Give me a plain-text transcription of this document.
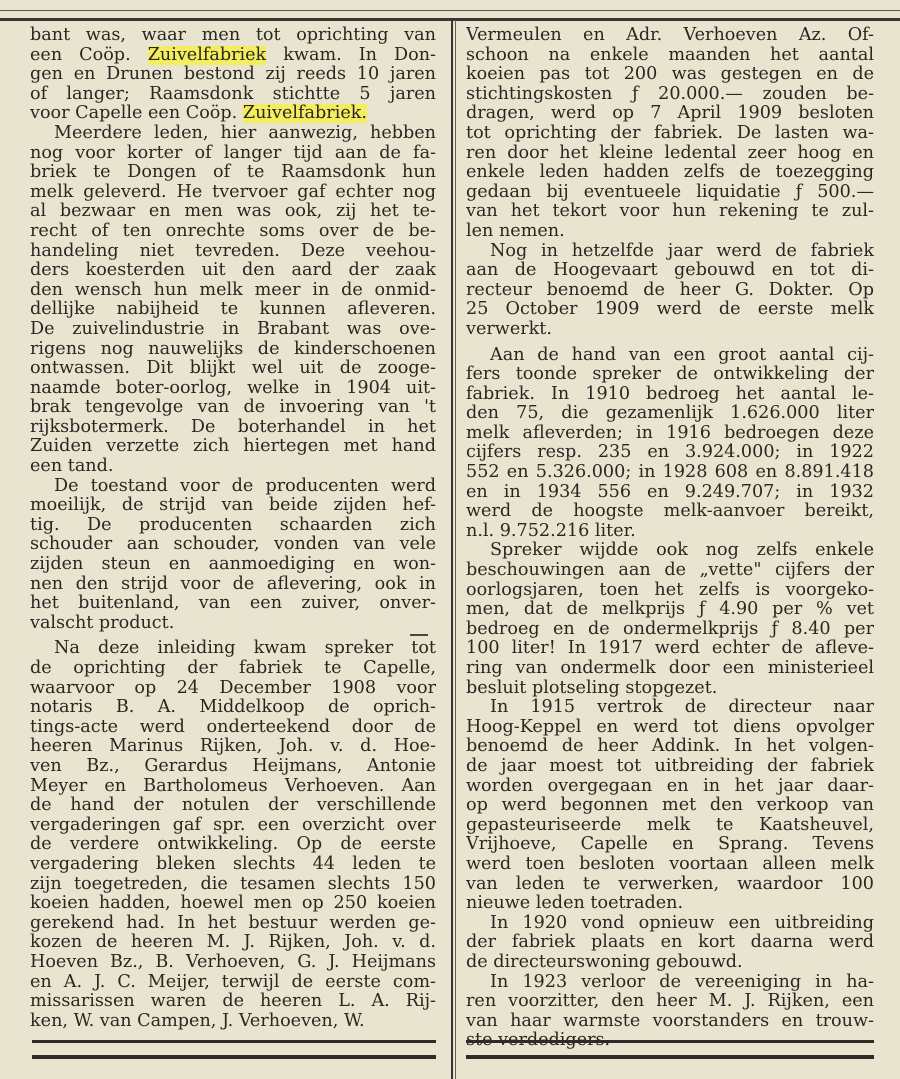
bant was, waar men tot oprichting van
een Coöp. Zuivelfabriek kwam. In Don-
gen en Drunen bestond zij reeds 10 jaren
of langer; Raamsdonk stichtte 5 jaren
voor Capelle een Coöp. Zuivelfabriek.

Meerdere leden, hier aanwezig, hebben
nog voor korter of langer tijd aan de fa-
briek te Dongen of te Raamsdonk hun
melk geleverd. He tvervoer gaf echter nog
al bezwaar en men was ook, zij het te-
recht of ten onrechte soms over de be-
handeling niet tevreden. Deze veehou-
ders koesterden uit den aard der zaak
den wensch hun melk meer in de onmid-
dellijke nabijheid te kunnen afleveren.
De zuivelindustrie in Brabant was ove-
rigens nog nauwelijks de kinderschoenen
ontwassen. Dit blijkt wel uit de zooge-
naamde boter-oorlog, welke in 1904 uit-
brak tengevolge van de invoering van 't
rijksbotermerk. De boterhandel in het
Zuiden verzette zich hiertegen met hand
een tand.

De toestand voor de producenten werd
moeilijk, de strijd van beide zijden hef-
tig. De producenten schaarden zich
schouder aan schouder, vonden van vele
zijden steun en aanmoediging en won-
nen den strijd voor de aflevering, ook in
het buitenland, van een zuiver, onver-
valscht product.

Na deze inleiding kwam spreker tot
de oprichting der fabriek te Capelle,
waarvoor op 24 December 1908 voor
notaris B. A. Middelkoop de oprich-
tings-acte werd onderteekend door de
heeren Marinus Rijken, Joh. v. d. Hoe-
ven Bz., Gerardus Heijmans, Antonie
Meyer en Bartholomeus Verhoeven. Aan
de hand der notulen der verschillende
vergaderingen gaf spr. een overzicht over
de verdere ontwikkeling. Op de eerste
vergadering bleken slechts 44 leden te
zijn toegetreden, die tesamen slechts 150
koeien hadden, hoewel men op 250 koeien
gerekend had. In het bestuur werden ge-
kozen de heeren M. J. Rijken, Joh. v. d.
Hoeven Bz., B. Verhoeven, G. J. Heijmans
en A. J. C. Meijer, terwijl de eerste com-
missarissen waren de heeren L. A. Rij-
ken, W. van Campen, J. Verhoeven, W.

Vermeulen en Adr. Verhoeven Az. Of-
schoon na enkele maanden het aantal
koeien pas tot 200 was gestegen en de
stichtingskosten ƒ 20.000.— zouden be-
dragen, werd op 7 April 1909 besloten
tot oprichting der fabriek. De lasten wa-
ren door het kleine ledental zeer hoog en
enkele leden hadden zelfs de toezegging
gedaan bij eventueele liquidatie ƒ 500.—
van het tekort voor hun rekening te zul-
len nemen.

Nog in hetzelfde jaar werd de fabriek
aan de Hoogevaart gebouwd en tot di-
recteur benoemd de heer G. Dokter. Op
25 October 1909 werd de eerste melk
verwerkt.

Aan de hand van een groot aantal cij-
fers toonde spreker de ontwikkeling der
fabriek. In 1910 bedroeg het aantal le-
den 75, die gezamenlijk 1.626.000 liter
melk afleverden; in 1916 bedroegen deze
cijfers resp. 235 en 3.924.000; in 1922
552 en 5.326.000; in 1928 608 en 8.891.418
en in 1934 556 en 9.249.707; in 1932
werd de hoogste melk-aanvoer bereikt,
n.l. 9.752.216 liter.

Spreker wijdde ook nog zelfs enkele
beschouwingen aan de „vette" cijfers der
oorlogsjaren, toen het zelfs is voorgeko-
men, dat de melkprijs ƒ 4.90 per % vet
bedroeg en de ondermelkprijs ƒ 8.40 per
100 liter! In 1917 werd echter de afleve-
ring van ondermelk door een ministerieel
besluit plotseling stopgezet.

In 1915 vertrok de directeur naar
Hoog-Keppel en werd tot diens opvolger
benoemd de heer Addink. In het volgen-
de jaar moest tot uitbreiding der fabriek
worden overgegaan en in het jaar daar-
op werd begonnen met den verkoop van
gepasteuriseerde melk te Kaatsheuvel,
Vrijhoeve, Capelle en Sprang. Tevens
werd toen besloten voortaan alleen melk
van leden te verwerken, waardoor 100
nieuwe leden toetraden.

In 1920 vond opnieuw een uitbreiding
der fabriek plaats en kort daarna werd
de directeurswoning gebouwd.

In 1923 verloor de vereeniging in ha-
ren voorzitter, den heer M. J. Rijken, een
van haar warmste voorstanders en trouw-
ste verdedigers.
